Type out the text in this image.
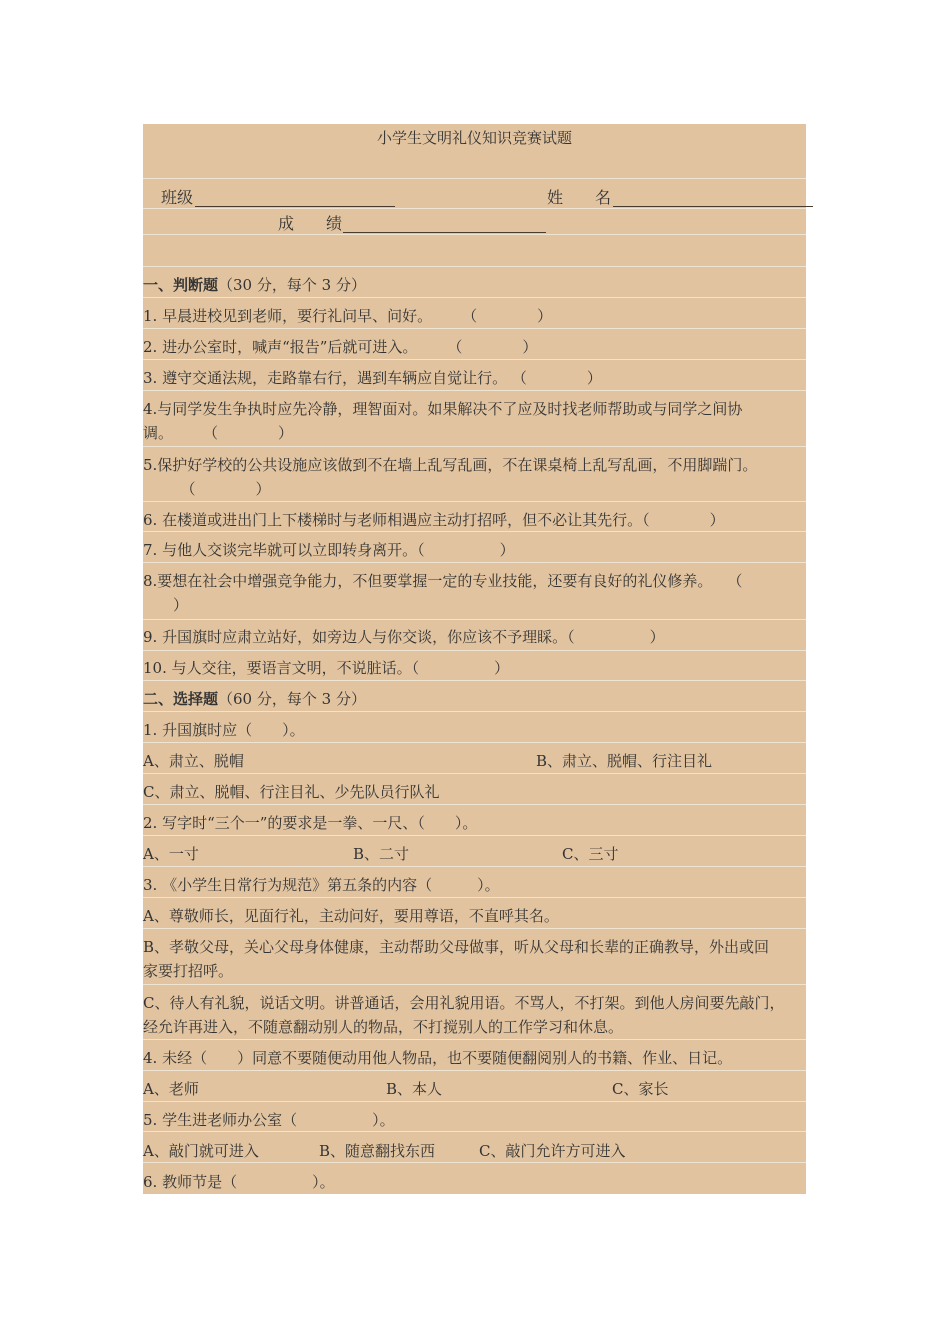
小学生文明礼仪知识竞赛试题
班级	姓　　名
成　　绩
一、判断题（30 分，每个 3 分）
1. 早晨进校见到老师，要行礼问早、问好。　　　（　　　　）
2. 进办公室时，喊声“报告”后就可进入。　　　（　　　　）
3. 遵守交通法规，走路靠右行，遇到车辆应自觉让行。 （　　　　）
4.与同学发生争执时应先冷静，理智面对。如果解决不了应及时找老师帮助或与同学之间协
调。　　　（　　　　）
5.保护好学校的公共设施应该做到不在墙上乱写乱画，不在课桌椅上乱写乱画，不用脚踹门。
　　　（　　　　）
6. 在楼道或进出门上下楼梯时与老师相遇应主动打招呼，但不必让其先行。（　　　　）
7. 与他人交谈完毕就可以立即转身离开。（　　　　　）
8.要想在社会中增强竞争能力，不但要掌握一定的专业技能，还要有良好的礼仪修养。　　（
　　）
9. 升国旗时应肃立站好，如旁边人与你交谈，你应该不予理睬。（　　　　　）
10. 与人交往，要语言文明，不说脏话。（　　　　　）
二、选择题（60 分，每个 3 分）
1. 升国旗时应（　　）。
A、肃立、脱帽	B、肃立、脱帽、行注目礼
C、肃立、脱帽、行注目礼、少先队员行队礼
2. 写字时“三个一”的要求是一拳、一尺、（　　）。
A、一寸	B、二寸	C、三寸
3. 《小学生日常行为规范》第五条的内容（　　　）。
A、尊敬师长，见面行礼，主动问好，要用尊语，不直呼其名。
B、孝敬父母，关心父母身体健康，主动帮助父母做事，听从父母和长辈的正确教导，外出或回
家要打招呼。
C、待人有礼貌，说话文明。讲普通话，会用礼貌用语。不骂人，不打架。到他人房间要先敲门，
经允许再进入，不随意翻动别人的物品，不打搅别人的工作学习和休息。
4. 未经（　　）同意不要随便动用他人物品，也不要随便翻阅别人的书籍、作业、日记。
A、老师	B、本人	C、家长
5. 学生进老师办公室（　　　　　）。
A、敲门就可进入	B、随意翻找东西	C、敲门允许方可进入
6. 教师节是（　　　　　）。
